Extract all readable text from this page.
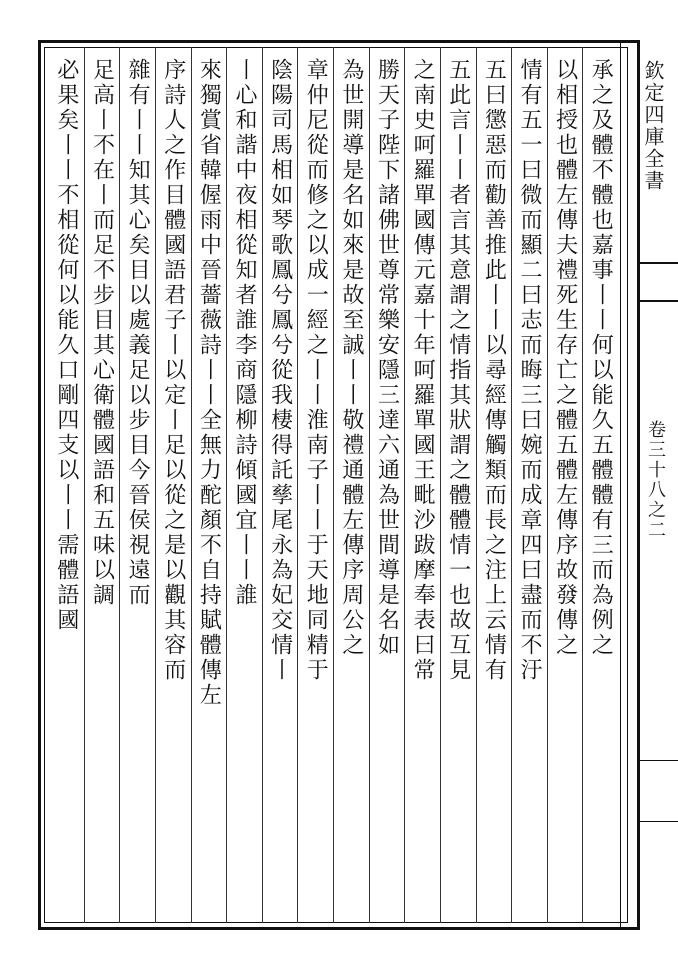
欽定四庫全書
卷三十八之二
承之及體不體也嘉事丨丨何以能久五體體有三而為例之
以相授也體左傳夫禮死生存亡之體五體左傳序故發傳之
情有五一曰微而顯二曰志而晦三曰婉而成章四曰盡而不汙
五曰懲惡而勸善推此丨丨以尋經傳觸類而長之注上云情有
五此言丨丨者言其意謂之情指其狀謂之體體情一也故互見
之南史呵羅單國傳元嘉十年呵羅單國王毗沙跋摩奉表曰常
勝天子陛下諸佛世尊常樂安隱三達六通為世間導是名如
為世開導是名如來是故至誠丨丨敬禮通體左傳序周公之
章仲尼從而修之以成一經之丨丨淮南子丨丨于天地同精于
陰陽司馬相如琴歌鳳兮鳳兮從我棲得託孳尾永為妃交情丨
丨心和諧中夜相從知者誰李商隱柳詩傾國宜丨丨誰
來獨賞省韓偓雨中晉薔薇詩丨丨全無力酡顏不自持賦體傳左
序詩人之作目體國語君子丨以定丨足以從之是以觀其容而
雜有丨丨知其心矣目以處義足以步目今晉侯視遠而
足高丨不在丨而足不步目其心衛體國語和五味以調
必果矣丨丨不相從何以能久口剛四支以丨丨需體語國
